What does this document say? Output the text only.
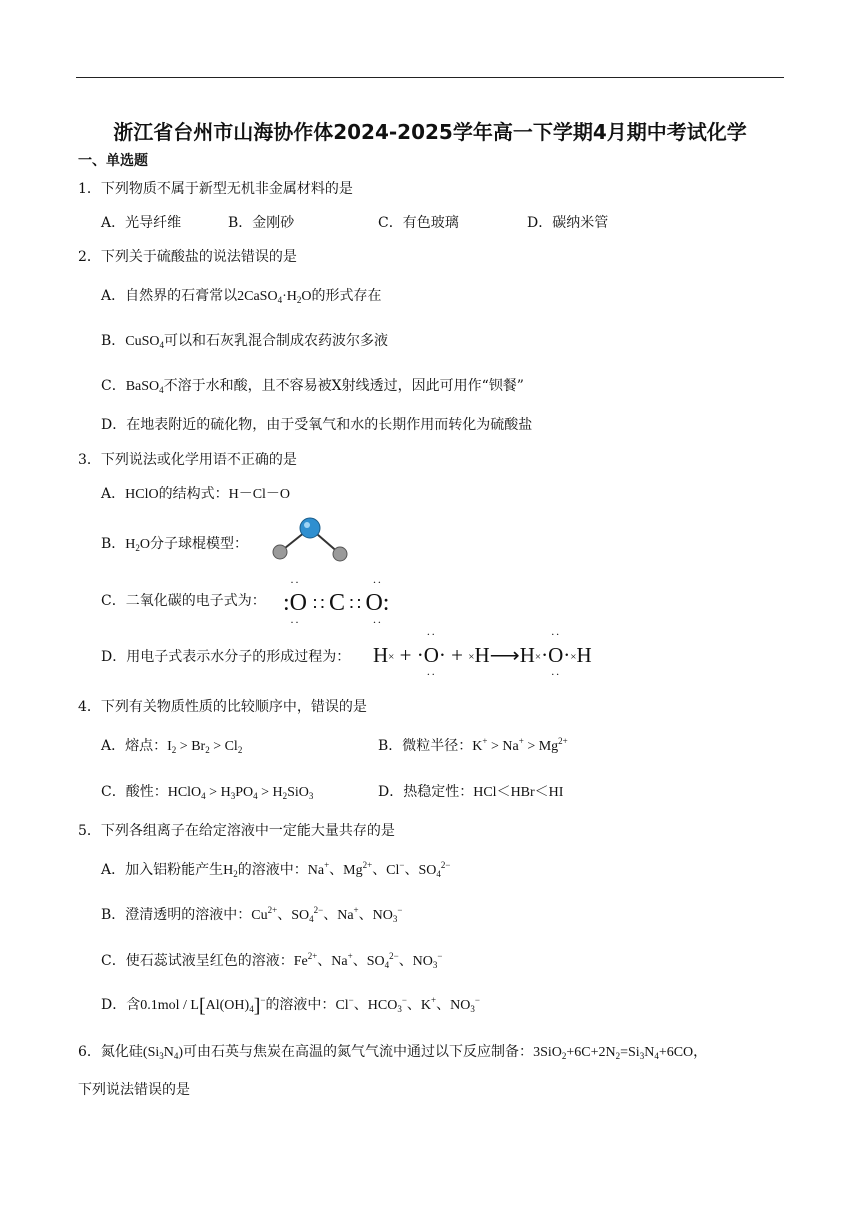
浙江省台州市山海协作体2024-2025学年高一下学期4月期中考试化学
一、单选题
1．下列物质不属于新型无机非金属材料的是
A．光导纤维	B．金刚砂	C．有色玻璃	D．碳纳米管
2．下列关于硫酸盐的说法错误的是
A．自然界的石膏常以$2CaSO_4\cdot H_2O$的形式存在
B．CuSO$_4$可以和石灰乳混合制成农药波尔多液
C．BaSO$_4$不溶于水和酸，且不容易被X射线透过，因此可用作“钡餐”
D．在地表附近的硫化物，由于受氧气和水的长期作用而转化为硫酸盐
3．下列说法或化学用语不正确的是
A．HClO的结构式：H－Cl－O
B．$H_2O$分子球棍模型：
C．二氧化碳的电子式为： :O
··
··
∷ C ∷ O
··
··
:
D．用电子式表示水分子的形成过程为： H× + ·O·
··
··
+ ×H⟶H×·O·
··
··
×H
4．下列有关物质性质的比较顺序中，错误的是
A．熔点：$I_2 > Br_2 > Cl_2$	B．微粒半径：$K^+ > Na^+ > Mg^{2+}$
C．酸性：HClO$_4$ > $H_3PO_4 > H_2SiO_3$	D．热稳定性：HCl＜HBr＜HI
5．下列各组离子在给定溶液中一定能大量共存的是
A．加入铝粉能产生$H_2$的溶液中：Na+、$Mg^{2+}$、Cl−、$SO_4^{2-}$
B．澄清透明的溶液中：$Cu^{2+}$、$SO_4^{2-}$、Na+、$NO_3^-$
C．使石蕊试液呈红色的溶液：$Fe^{2+}$、Na+、$SO_4^{2-}$、$NO_3^-$
D．含$0.1mol / L[Al(OH)_4]^-$的溶液中：Cl−、$HCO_3^-$、K+、$NO_3^-$
6．氮化硅$(Si_3N_4)$可由石英与焦炭在高温的氮气气流中通过以下反应制备：$3SiO_2+6C+2N_2=Si_3N_4+6CO$，
下列说法错误的是
